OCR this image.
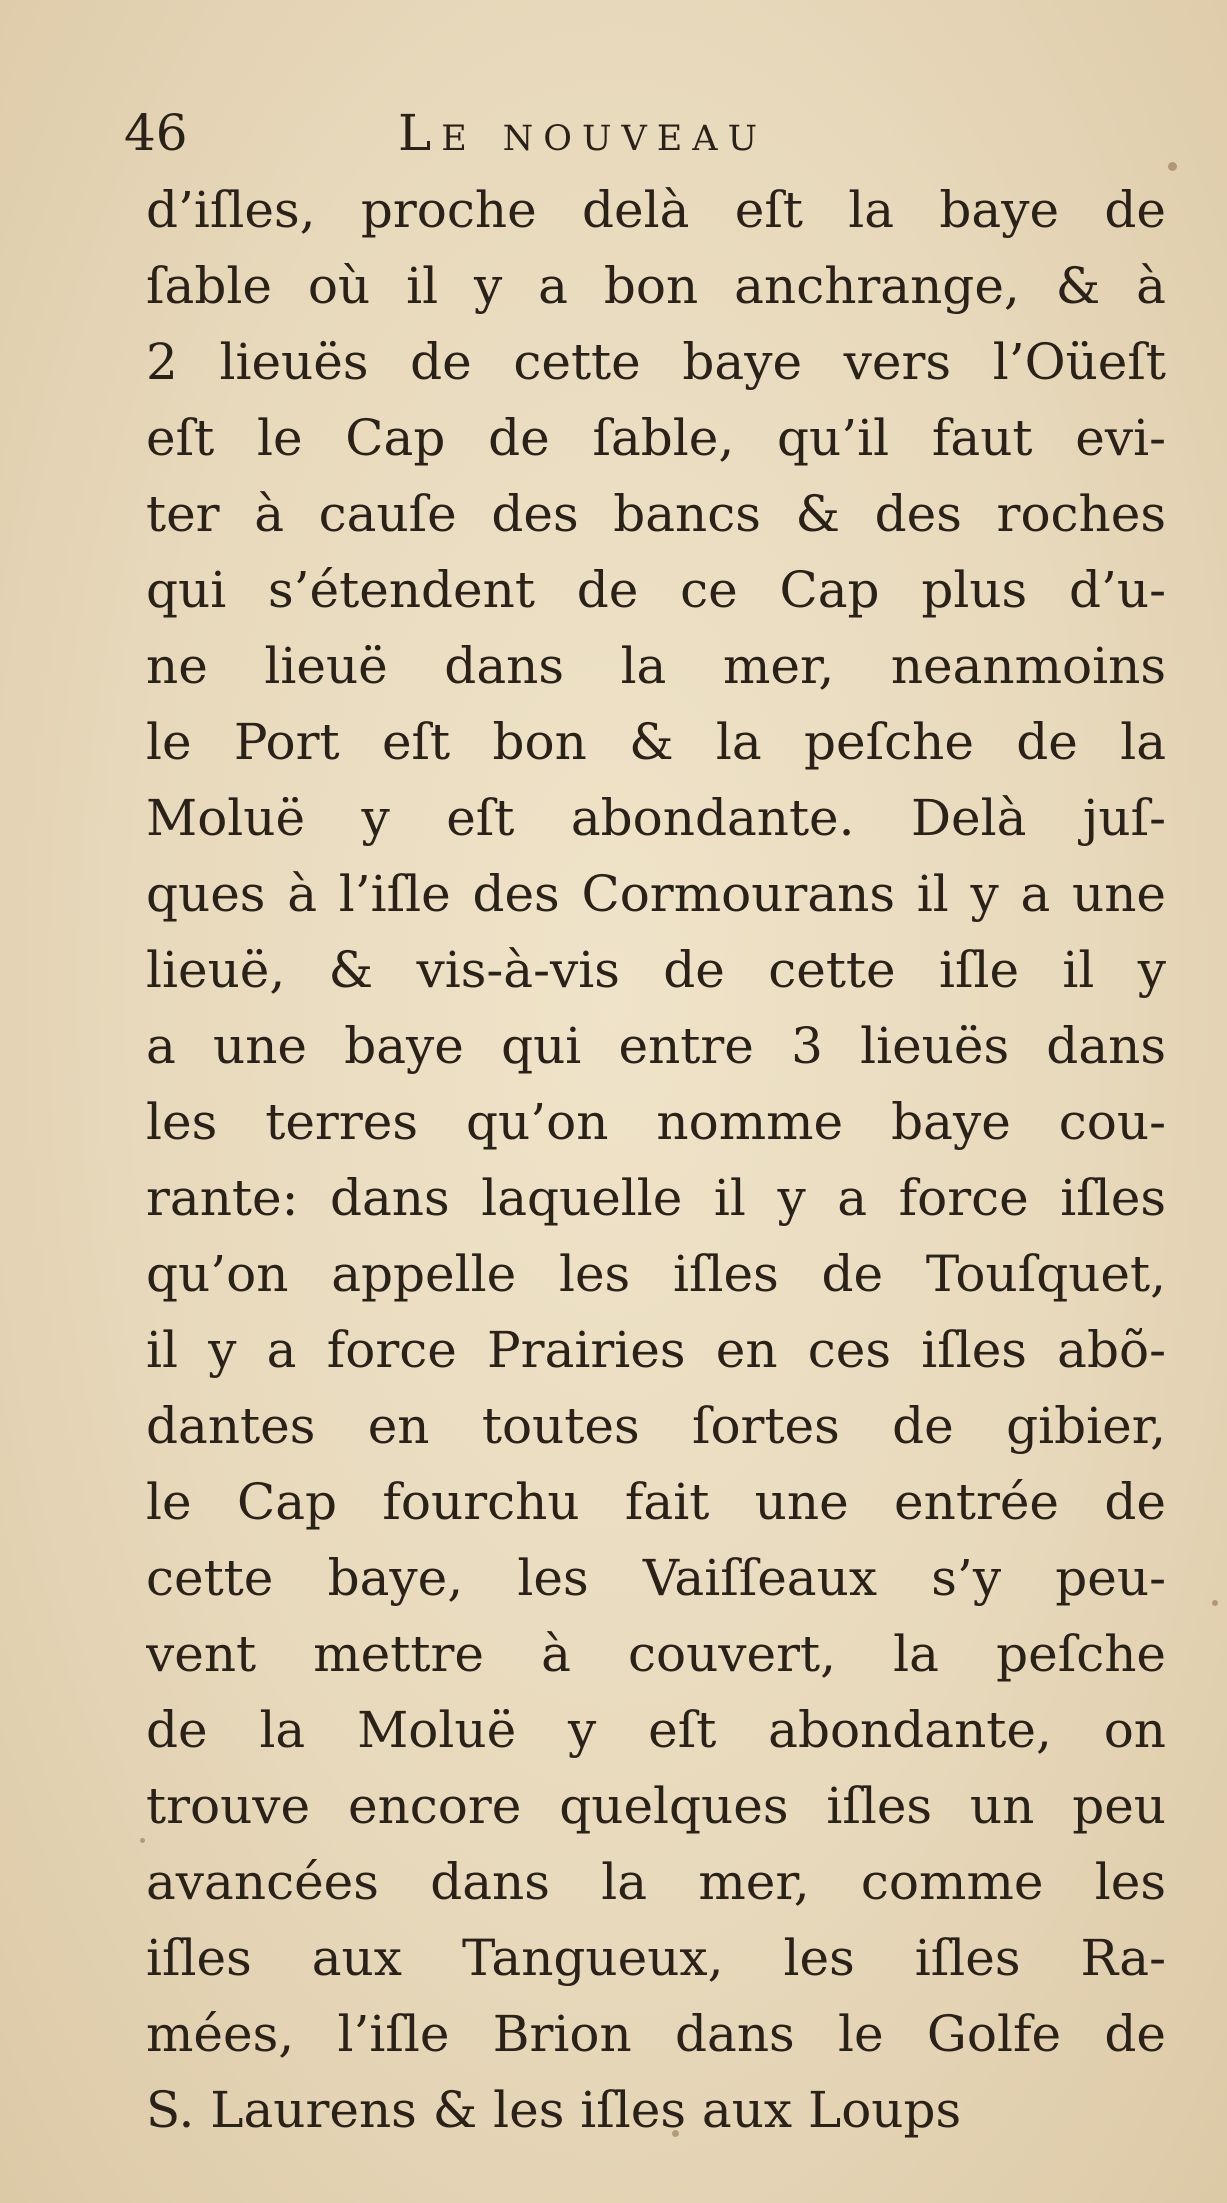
46	Le nouveau
d’iſles, proche delà eſt la baye de
ſable où il y a bon anchrange, & à
2 lieuës de cette baye vers l’Oüeſt
eſt le Cap de ſable, qu’il faut evi-
ter à cauſe des bancs & des roches
qui s’étendent de ce Cap plus d’u-
ne lieuë dans la mer, neanmoins
le Port eſt bon & la peſche de la
Moluë y eſt abondante. Delà juſ-
ques à l’iſle des Cormourans il y a une
lieuë, & vis-à-vis de cette iſle il y
a une baye qui entre 3 lieuës dans
les terres qu’on nomme baye cou-
rante: dans laquelle il y a force iſles
qu’on appelle les iſles de Touſquet,
il y a force Prairies en ces iſles abõ-
dantes en toutes ſortes de gibier,
le Cap fourchu fait une entrée de
cette baye, les Vaiſſeaux s’y peu-
vent mettre à couvert, la peſche
de la Moluë y eſt abondante, on
trouve encore quelques iſles un peu
avancées dans la mer, comme les
iſles aux Tangueux, les iſles Ra-
mées, l’iſle Brion dans le Golfe de
S. Laurens & les iſles aux Loups
